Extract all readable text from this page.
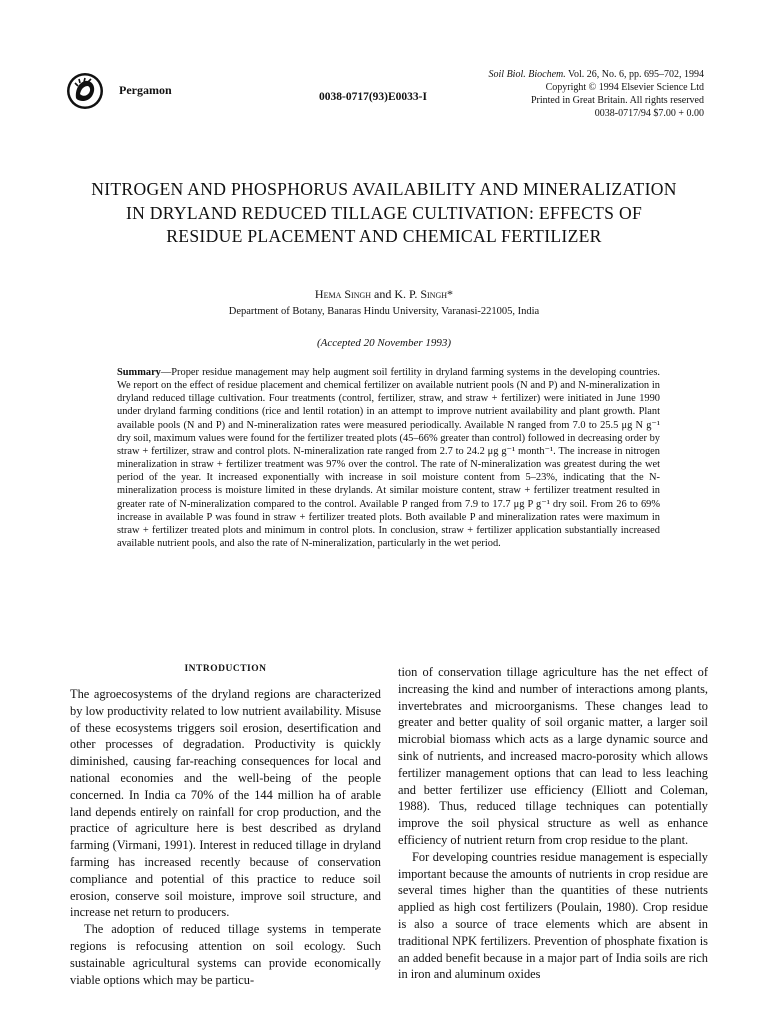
Pergamon	0038-0717(93)E0033-I
Soil Biol. Biochem. Vol. 26, No. 6, pp. 695–702, 1994
Copyright © 1994 Elsevier Science Ltd
Printed in Great Britain. All rights reserved
0038-0717/94 $7.00 + 0.00
NITROGEN AND PHOSPHORUS AVAILABILITY AND MINERALIZATION IN DRYLAND REDUCED TILLAGE CULTIVATION: EFFECTS OF RESIDUE PLACEMENT AND CHEMICAL FERTILIZER
Hema Singh and K. P. Singh*
Department of Botany, Banaras Hindu University, Varanasi-221005, India
(Accepted 20 November 1993)
Summary—Proper residue management may help augment soil fertility in dryland farming systems in the developing countries. We report on the effect of residue placement and chemical fertilizer on available nutrient pools (N and P) and N-mineralization in dryland reduced tillage cultivation. Four treatments (control, fertilizer, straw, and straw + fertilizer) were initiated in June 1990 under dryland farming conditions (rice and lentil rotation) in an attempt to improve nutrient availability and plant growth. Plant available pools (N and P) and N-mineralization rates were measured periodically. Available N ranged from 7.0 to 25.5 μg N g⁻¹ dry soil, maximum values were found for the fertilizer treated plots (45–66% greater than control) followed in decreasing order by straw + fertilizer, straw and control plots. N-mineralization rate ranged from 2.7 to 24.2 μg g⁻¹ month⁻¹. The increase in nitrogen mineralization in straw + fertilizer treatment was 97% over the control. The rate of N-mineralization was greatest during the wet period of the year. It increased exponentially with increase in soil moisture content from 5–23%, indicating that the N-mineralization process is moisture limited in these drylands. At similar moisture content, straw + fertilizer treatment resulted in greater rate of N-mineralization compared to the control. Available P ranged from 7.9 to 17.7 μg P g⁻¹ dry soil. From 26 to 69% increase in available P was found in straw + fertilizer treated plots. Both available P and mineralization rates were maximum in straw + fertilizer treated plots and minimum in control plots. In conclusion, straw + fertilizer application substantially increased available nutrient pools, and also the rate of N-mineralization, particularly in the wet period.
INTRODUCTION

The agroecosystems of the dryland regions are characterized by low productivity related to low nutrient availability. Misuse of these ecosystems triggers soil erosion, desertification and other processes of degradation. Productivity is quickly diminished, causing far-reaching consequences for local and national economies and the well-being of the people concerned. In India ca 70% of the 144 million ha of arable land depends entirely on rainfall for crop production, and the practice of agriculture here is best described as dryland farming (Virmani, 1991). Interest in reduced tillage in dryland farming has increased recently because of conservation compliance and potential of this practice to reduce soil erosion, conserve soil moisture, improve soil structure, and increase net return to producers.

The adoption of reduced tillage systems in temperate regions is refocusing attention on soil ecology. Such sustainable agricultural systems can provide economically viable options which may be particu-

tion of conservation tillage agriculture has the net effect of increasing the kind and number of interactions among plants, invertebrates and microorganisms. These changes lead to greater and better quality of soil organic matter, a larger soil microbial biomass which acts as a large dynamic source and sink of nutrients, and increased macro-porosity which allows fertilizer management options that can lead to less leaching and better fertilizer use efficiency (Elliott and Coleman, 1988). Thus, reduced tillage techniques can potentially improve the soil physical structure as well as enhance efficiency of nutrient return from crop residue to the plant.

For developing countries residue management is especially important because the amounts of nutrients in crop residue are several times higher than the quantities of these nutrients applied as high cost fertilizers (Poulain, 1980). Crop residue is also a source of trace elements which are absent in traditional NPK fertilizers. Prevention of phosphate fixation is an added benefit because in a major part of India soils are rich in iron and aluminum oxides
